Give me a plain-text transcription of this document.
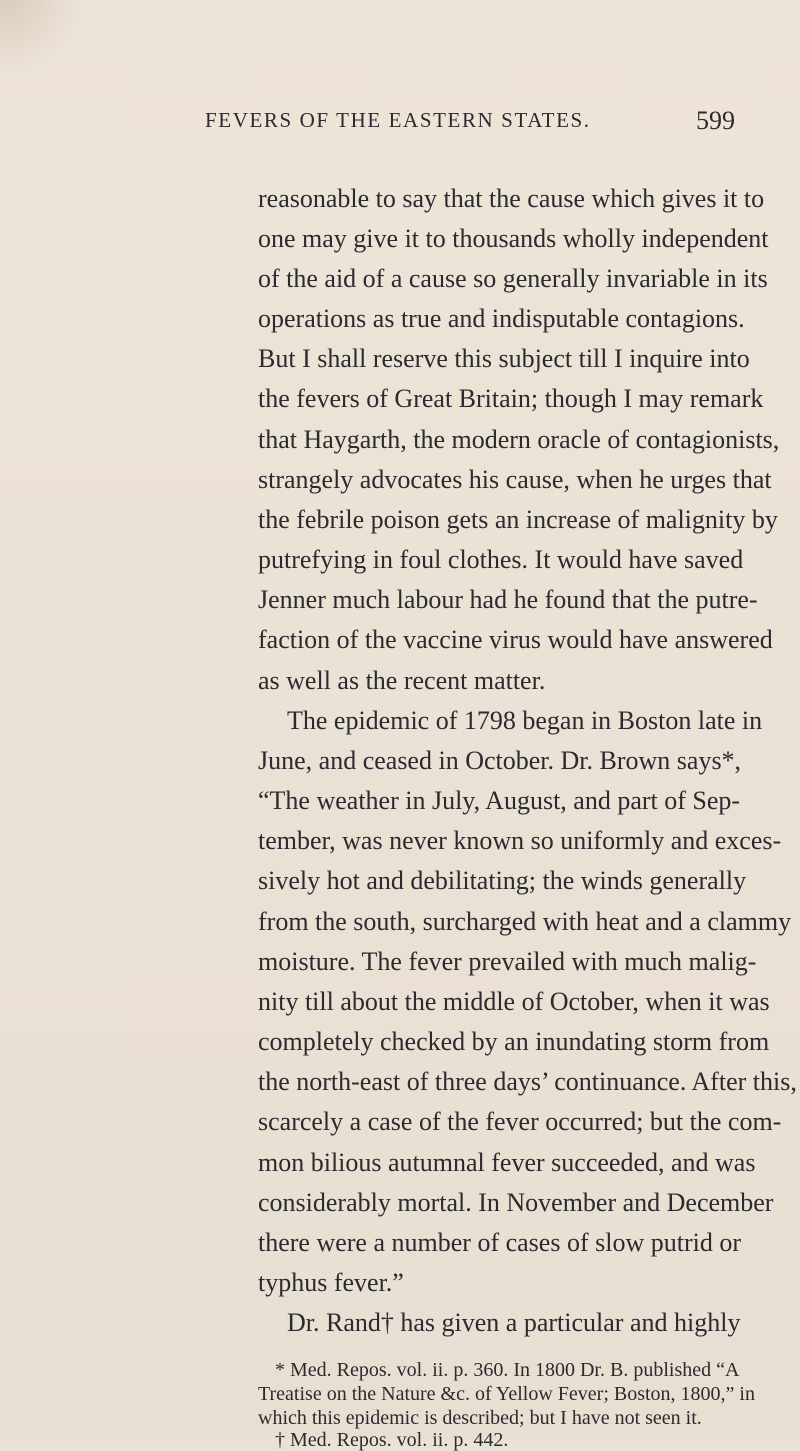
FEVERS OF THE EASTERN STATES.	599
reasonable to say that the cause which gives it to
one may give it to thousands wholly independent
of the aid of a cause so generally invariable in its
operations as true and indisputable contagions.
But I shall reserve this subject till I inquire into
the fevers of Great Britain; though I may remark
that Haygarth, the modern oracle of contagionists,
strangely advocates his cause, when he urges that
the febrile poison gets an increase of malignity by
putrefying in foul clothes. It would have saved
Jenner much labour had he found that the putre-
faction of the vaccine virus would have answered
as well as the recent matter.
The epidemic of 1798 began in Boston late in
June, and ceased in October. Dr. Brown says*,
“The weather in July, August, and part of Sep-
tember, was never known so uniformly and exces-
sively hot and debilitating; the winds generally
from the south, surcharged with heat and a clammy
moisture. The fever prevailed with much malig-
nity till about the middle of October, when it was
completely checked by an inundating storm from
the north-east of three days’ continuance. After this,
scarcely a case of the fever occurred; but the com-
mon bilious autumnal fever succeeded, and was
considerably mortal. In November and December
there were a number of cases of slow putrid or
typhus fever.”
Dr. Rand† has given a particular and highly
* Med. Repos. vol. ii. p. 360. In 1800 Dr. B. published “A
Treatise on the Nature &c. of Yellow Fever; Boston, 1800,” in
which this epidemic is described; but I have not seen it.
† Med. Repos. vol. ii. p. 442.
